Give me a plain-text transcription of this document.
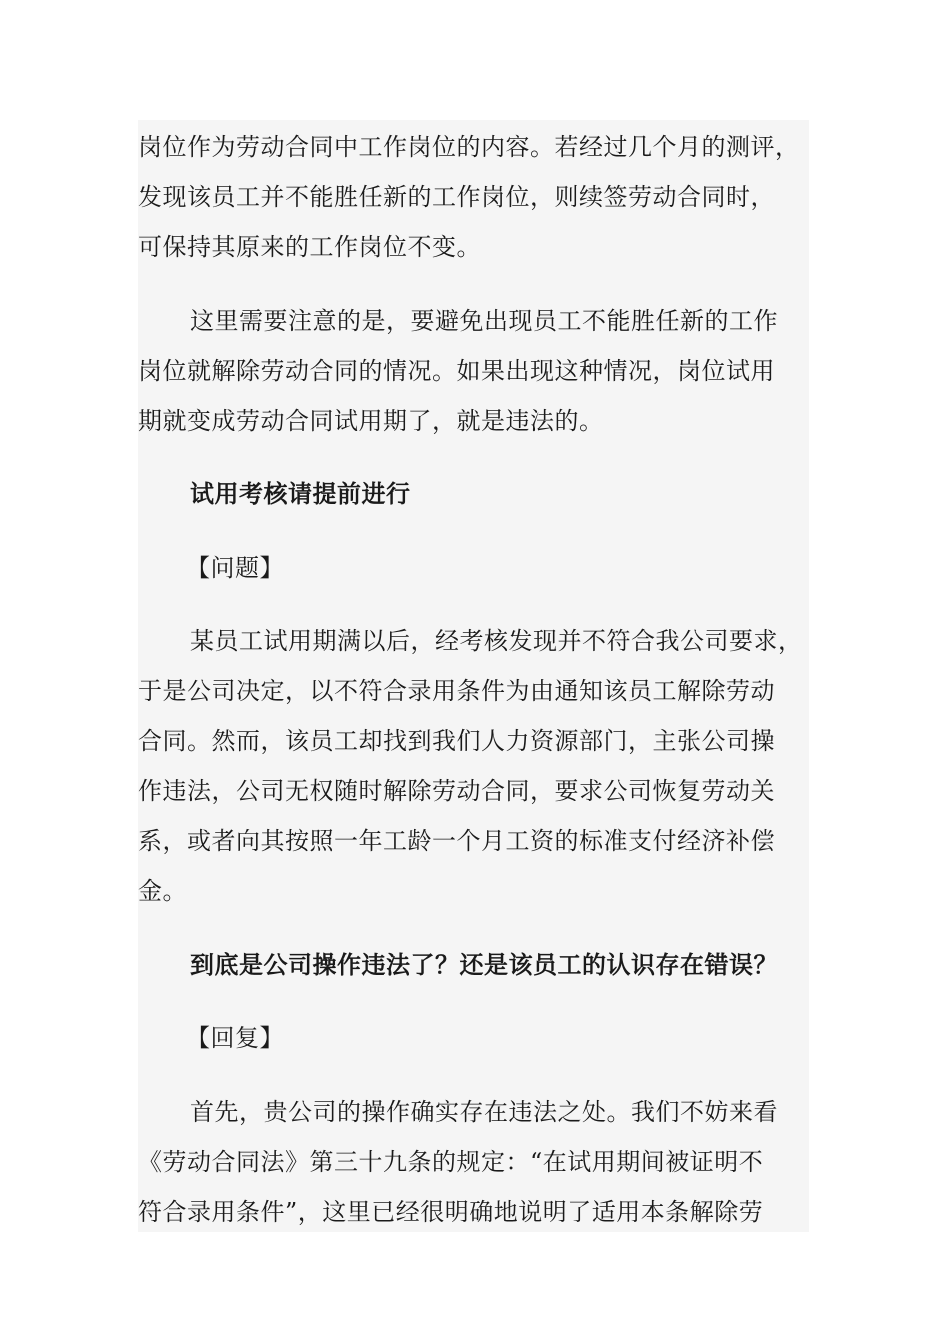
岗位作为劳动合同中工作岗位的内容。若经过几个月的测评，
发现该员工并不能胜任新的工作岗位，则续签劳动合同时，
可保持其原来的工作岗位不变。
这里需要注意的是，要避免出现员工不能胜任新的工作
岗位就解除劳动合同的情况。如果出现这种情况，岗位试用
期就变成劳动合同试用期了，就是违法的。
试用考核请提前进行
【问题】
某员工试用期满以后，经考核发现并不符合我公司要求，
于是公司决定，以不符合录用条件为由通知该员工解除劳动
合同。然而，该员工却找到我们人力资源部门，主张公司操
作违法，公司无权随时解除劳动合同，要求公司恢复劳动关
系，或者向其按照一年工龄一个月工资的标准支付经济补偿
金。
到底是公司操作违法了？还是该员工的认识存在错误？
【回复】
首先，贵公司的操作确实存在违法之处。我们不妨来看
《劳动合同法》第三十九条的规定：“在试用期间被证明不
符合录用条件”，这里已经很明确地说明了适用本条解除劳
